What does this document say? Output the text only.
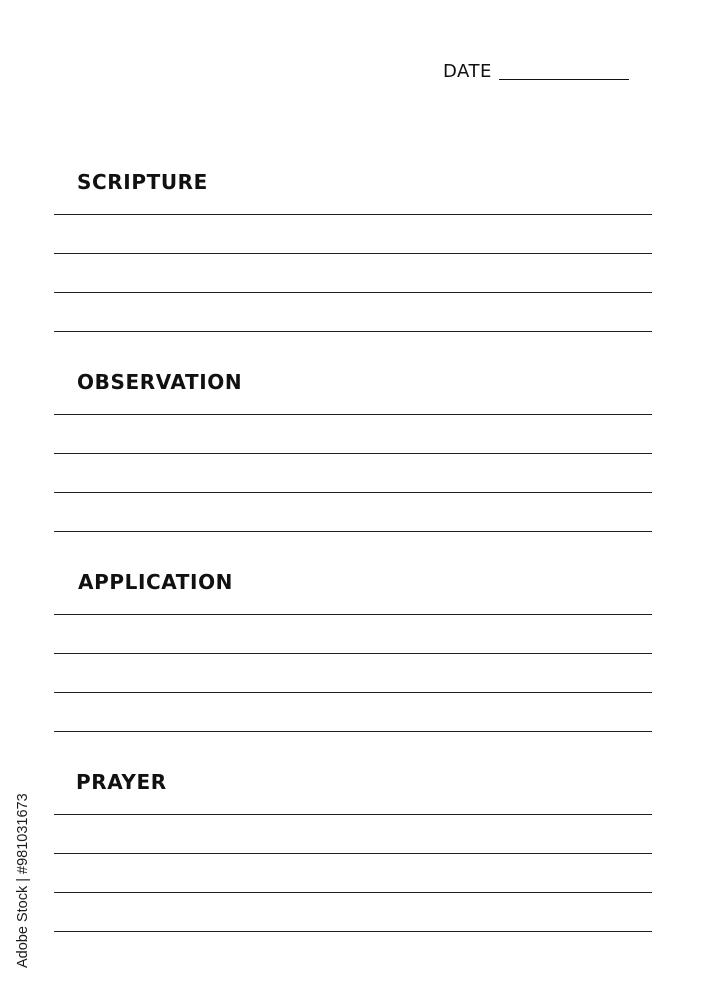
DATE
SCRIPTURE
OBSERVATION
APPLICATION
PRAYER
Adobe Stock | #981031673
